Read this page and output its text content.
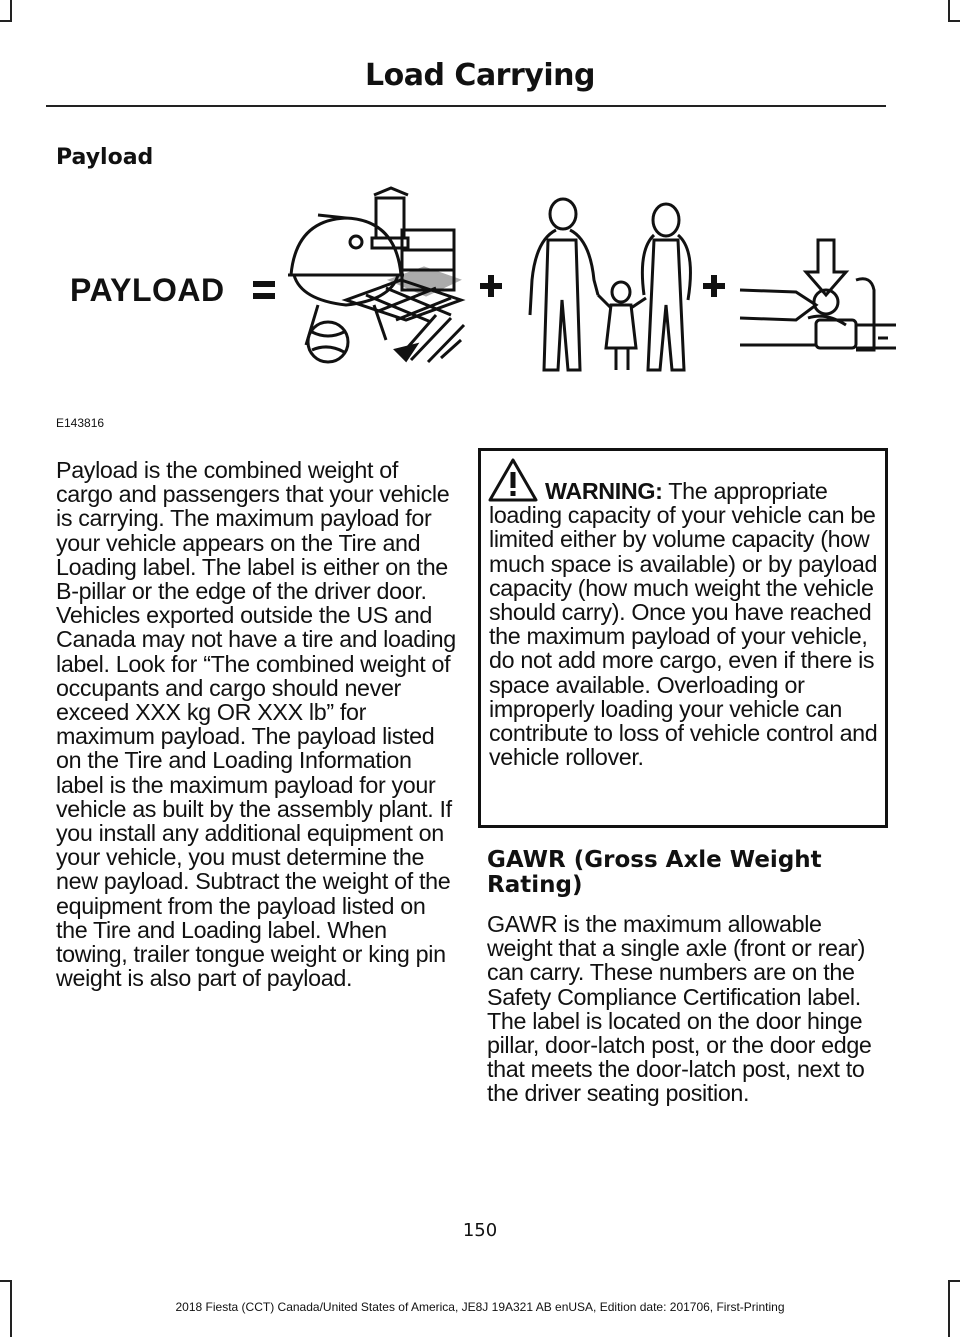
Load Carrying
Payload
PAYLOAD
E143816

Payload is the combined weight of cargo and passengers that your vehicle is carrying. The maximum payload for your vehicle appears on the Tire and Loading label. The label is either on the B-pillar or the edge of the driver door. Vehicles exported outside the US and Canada may not have a tire and loading label. Look for “The combined weight of occupants and cargo should never exceed XXX kg OR XXX lb” for maximum payload. The payload listed on the Tire and Loading Information label is the maximum payload for your vehicle as built by the assembly plant. If you install any additional equipment on your vehicle, you must determine the new payload. Subtract the weight of the equipment from the payload listed on the Tire and Loading label. When towing, trailer tongue weight or king pin weight is also part of payload.

WARNING: The appropriate loading capacity of your vehicle can be limited either by volume capacity (how much space is available) or by payload capacity (how much weight the vehicle should carry). Once you have reached the maximum payload of your vehicle, do not add more cargo, even if there is space available. Overloading or improperly loading your vehicle can contribute to loss of vehicle control and vehicle rollover.
GAWR (Gross Axle Weight Rating)

GAWR is the maximum allowable weight that a single axle (front or rear) can carry. These numbers are on the Safety Compliance Certification label. The label is located on the door hinge pillar, door-latch post, or the door edge that meets the door-latch post, next to the driver seating position.

150
2018 Fiesta (CCT) Canada/United States of America, JE8J 19A321 AB enUSA, Edition date: 201706, First-Printing
